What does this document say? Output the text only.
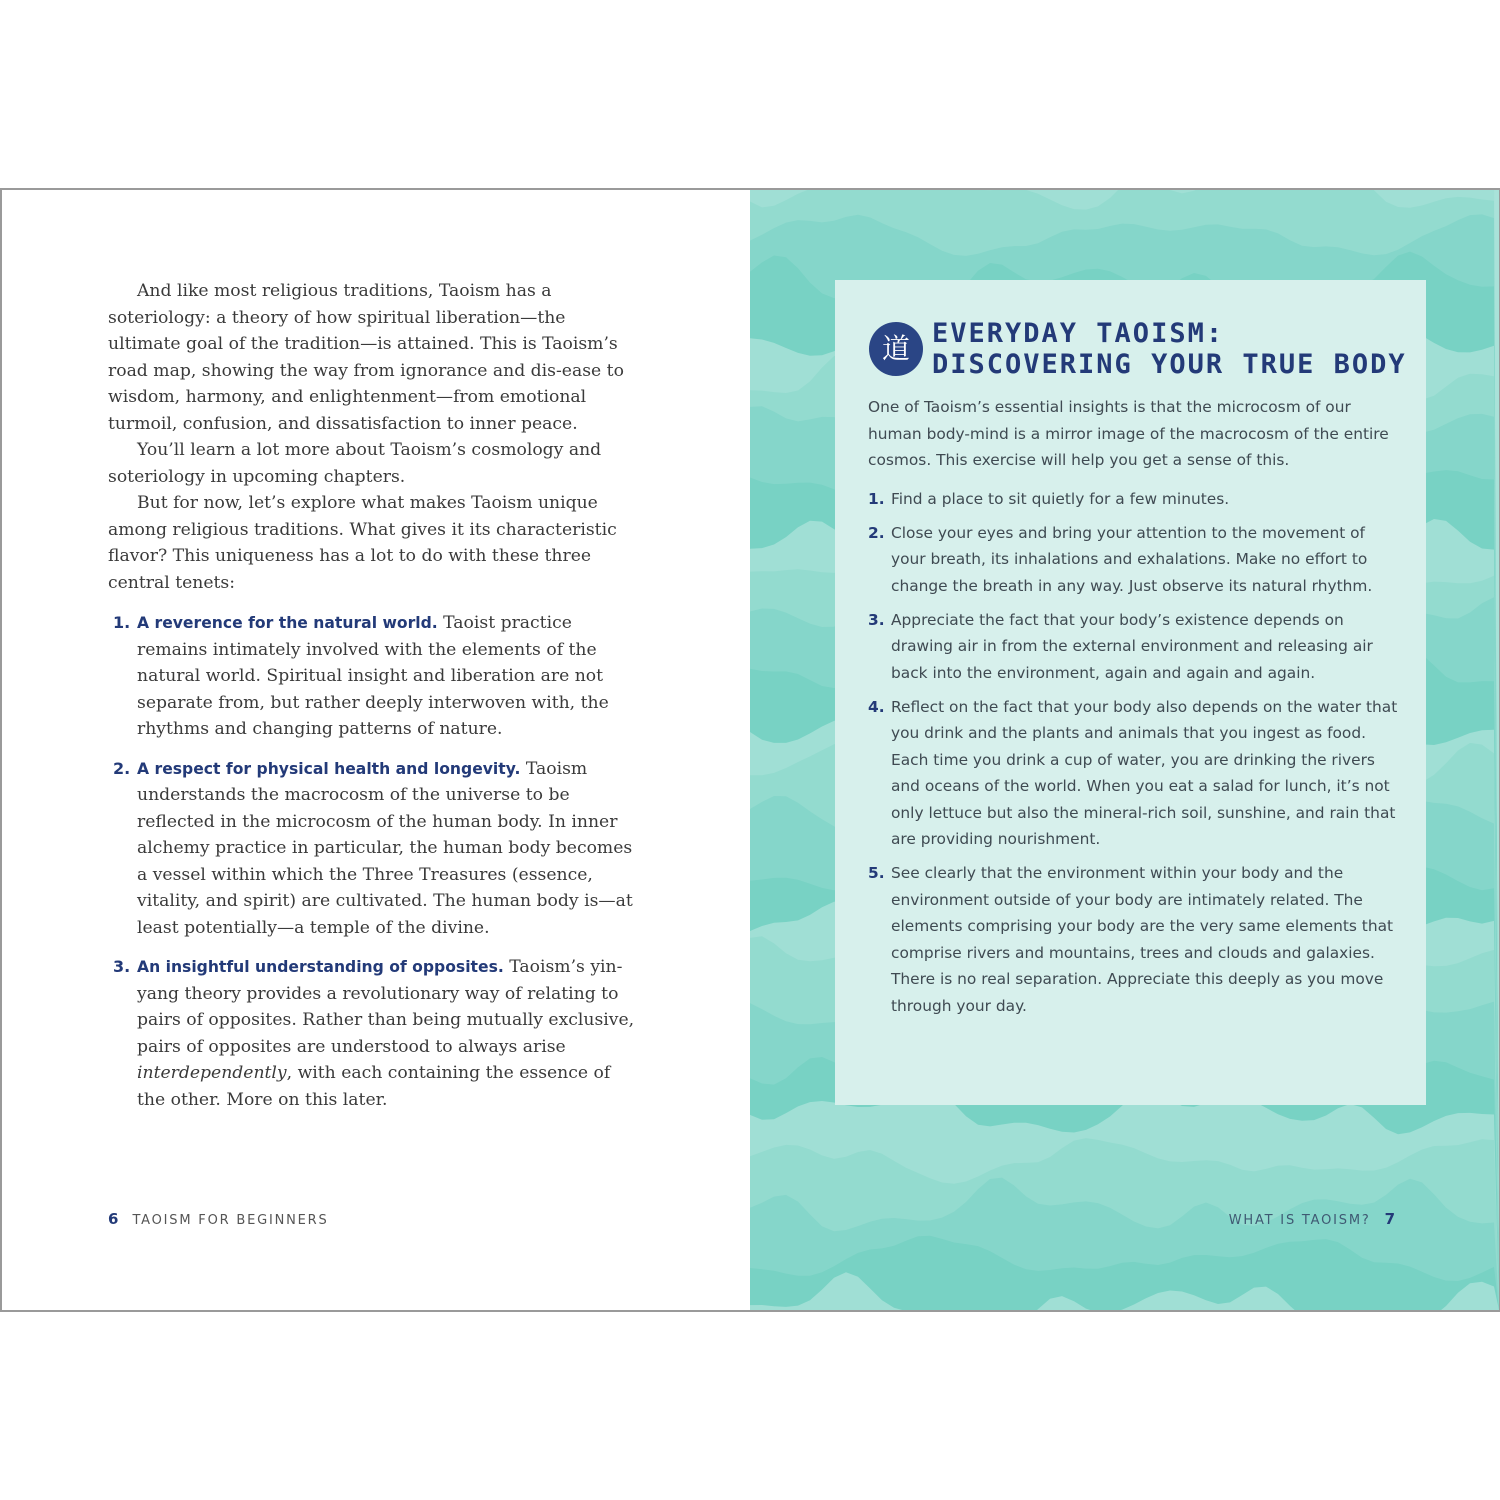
And like most religious traditions, Taoism has a soteriology: a theory of how spiritual liberation—the ultimate goal of the tradition—is attained. This is Taoism’s road map, showing the way from ignorance and dis-ease to wisdom, harmony, and enlightenment—from emotional turmoil, confusion, and dissatisfaction to inner peace.

You’ll learn a lot more about Taoism’s cosmology and soteriology in upcoming chapters.

But for now, let’s explore what makes Taoism unique among religious traditions. What gives it its characteristic flavor? This uniqueness has a lot to do with these three central tenets:

1. A reverence for the natural world. Taoist practice remains intimately involved with the elements of the natural world. Spiritual insight and liberation are not separate from, but rather deeply interwoven with, the rhythms and changing patterns of nature.
2. A respect for physical health and longevity. Taoism understands the macrocosm of the universe to be reflected in the microcosm of the human body. In inner alchemy practice in particular, the human body becomes a vessel within which the Three Treasures (essence, vitality, and spirit) are cultivated. The human body is—at least potentially—a temple of the divine.
3. An insightful understanding of opposites. Taoism’s yin-yang theory provides a revolutionary way of relating to pairs of opposites. Rather than being mutually exclusive, pairs of opposites are understood to always arise interdependently, with each containing the essence of the other. More on this later.
6 TAOISM FOR BEGINNERS
道 EVERYDAY TAOISM:
DISCOVERING YOUR TRUE BODY

One of Taoism’s essential insights is that the microcosm of our human body-mind is a mirror image of the macrocosm of the entire cosmos. This exercise will help you get a sense of this.

1. Find a place to sit quietly for a few minutes.
2. Close your eyes and bring your attention to the movement of your breath, its inhalations and exhalations. Make no effort to change the breath in any way. Just observe its natural rhythm.
3. Appreciate the fact that your body’s existence depends on drawing air in from the external environment and releasing air back into the environment, again and again and again.
4. Reflect on the fact that your body also depends on the water that you drink and the plants and animals that you ingest as food. Each time you drink a cup of water, you are drinking the rivers and oceans of the world. When you eat a salad for lunch, it’s not only lettuce but also the mineral-rich soil, sunshine, and rain that are providing nourishment.
5. See clearly that the environment within your body and the environment outside of your body are intimately related. The elements comprising your body are the very same elements that comprise rivers and mountains, trees and clouds and galaxies. There is no real separation. Appreciate this deeply as you move through your day.
WHAT IS TAOISM? 7
